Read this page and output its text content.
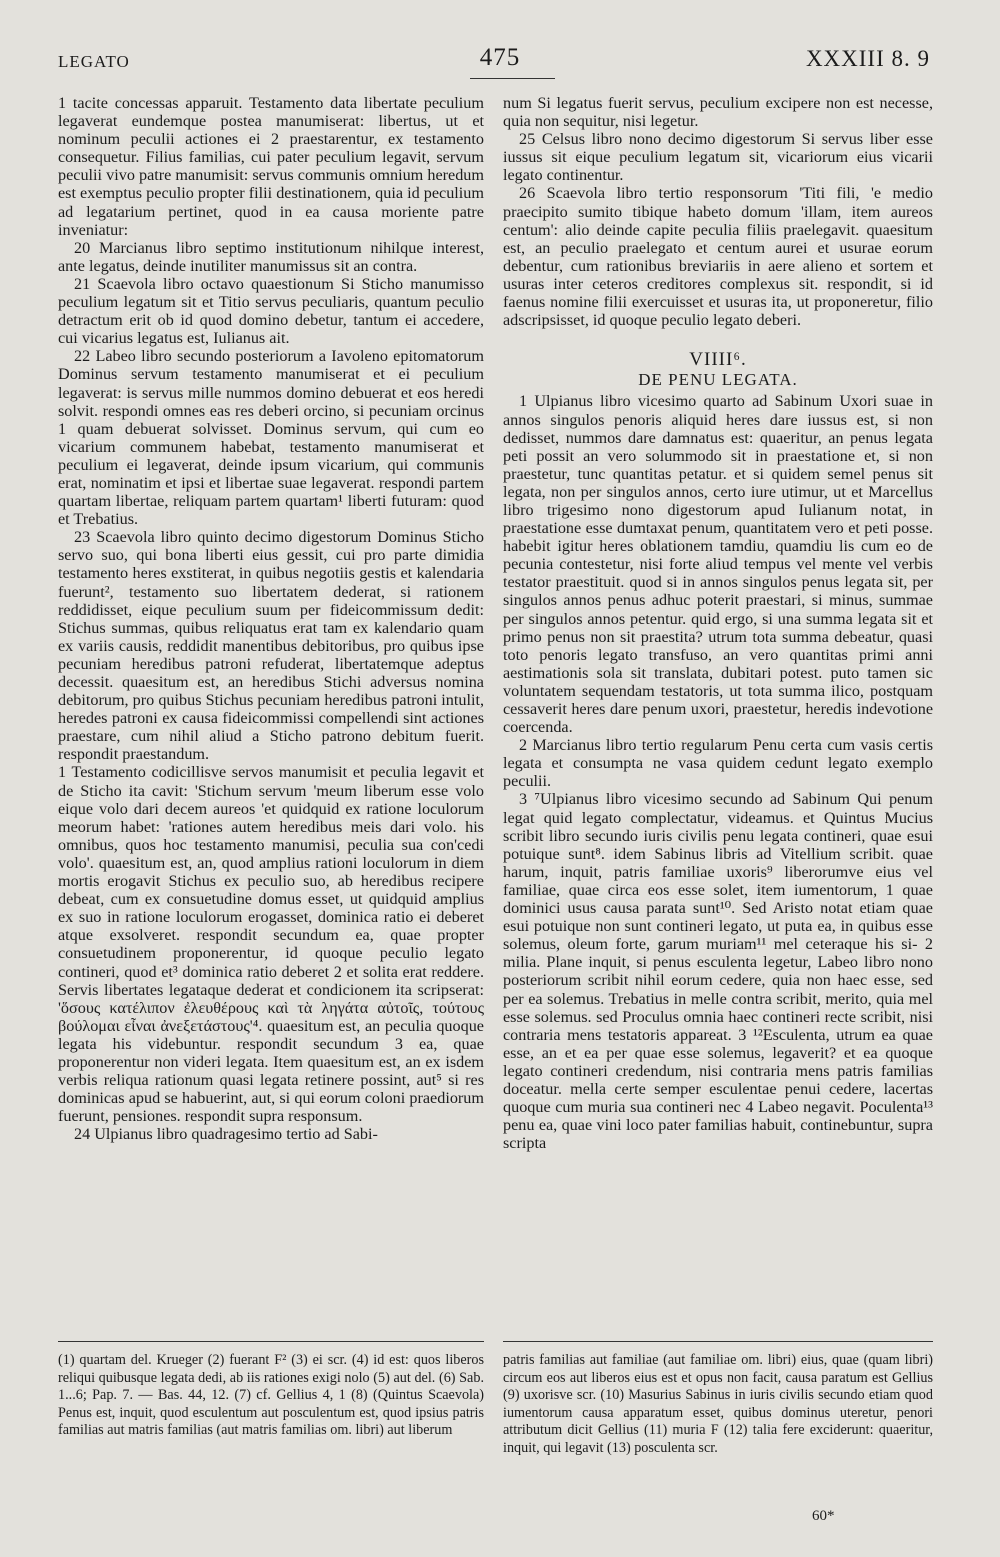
LEGATO	475	XXXIII 8. 9

1 tacite concessas apparuit. Testamento data libertate peculium legaverat eundemque postea manumiserat: libertus, ut et nominum peculii actiones ei 2 praestarentur, ex testamento consequetur. Filius familias, cui pater peculium legavit, servum peculii vivo patre manumisit: servus communis omnium heredum est exemptus peculio propter filii destinationem, quia id peculium ad legatarium pertinet, quod in ea causa moriente patre inveniatur:

20 Marcianus libro septimo institutionum nihilque interest, ante legatus, deinde inutiliter manumissus sit an contra.

21 Scaevola libro octavo quaestionum Si Sticho manumisso peculium legatum sit et Titio servus peculiaris, quantum peculio detractum erit ob id quod domino debetur, tantum ei accedere, cui vicarius legatus est, Iulianus ait.

22 Labeo libro secundo posteriorum a Iavoleno epitomatorum Dominus servum testamento manumiserat et ei peculium legaverat: is servus mille nummos domino debuerat et eos heredi solvit. respondi omnes eas res deberi orcino, si pecuniam orcinus 1 quam debuerat solvisset. Dominus servum, qui cum eo vicarium communem habebat, testamento manumiserat et peculium ei legaverat, deinde ipsum vicarium, qui communis erat, nominatim et ipsi et libertae suae legaverat. respondi partem quartam libertae, reliquam partem quartam¹ liberti futuram: quod et Trebatius.

23 Scaevola libro quinto decimo digestorum Dominus Sticho servo suo, qui bona liberti eius gessit, cui pro parte dimidia testamento heres exstiterat, in quibus negotiis gestis et kalendaria fuerunt², testamento suo libertatem dederat, si rationem reddidisset, eique peculium suum per fideicommissum dedit: Stichus summas, quibus reliquatus erat tam ex kalendario quam ex variis causis, reddidit manentibus debitoribus, pro quibus ipse pecuniam heredibus patroni refuderat, libertatemque adeptus decessit. quaesitum est, an heredibus Stichi adversus nomina debitorum, pro quibus Stichus pecuniam heredibus patroni intulit, heredes patroni ex causa fideicommissi compellendi sint actiones praestare, cum nihil aliud a Sticho patrono debitum fuerit. respondit praestandum.

1 Testamento codicillisve servos manumisit et peculia legavit et de Sticho ita cavit: 'Stichum servum 'meum liberum esse volo eique volo dari decem aureos 'et quidquid ex ratione loculorum meorum habet: 'rationes autem heredibus meis dari volo. his omnibus, quos hoc testamento manumisi, peculia sua con'cedi volo'. quaesitum est, an, quod amplius rationi loculorum in diem mortis erogavit Stichus ex peculio suo, ab heredibus recipere debeat, cum ex consuetudine domus esset, ut quidquid amplius ex suo in ratione loculorum erogasset, dominica ratio ei deberet atque exsolveret. respondit secundum ea, quae propter consuetudinem proponerentur, id quoque peculio legato contineri, quod et³ dominica ratio deberet 2 et solita erat reddere. Servis libertates legataque dederat et condicionem ita scripserat: 'ὅσους κατέλιπον ἐλευθέρους καὶ τὰ ληγάτα αὐτοῖς, τούτους βούλομαι εἶναι ἀνεξετάστους'⁴. quaesitum est, an peculia quoque legata his videbuntur. respondit secundum 3 ea, quae proponerentur non videri legata. Item quaesitum est, an ex isdem verbis reliqua rationum quasi legata retinere possint, aut⁵ si res dominicas apud se habuerint, aut, si qui eorum coloni praediorum fuerunt, pensiones. respondit supra responsum.

24 Ulpianus libro quadragesimo tertio ad Sabi-

num Si legatus fuerit servus, peculium excipere non est necesse, quia non sequitur, nisi legetur.

25 Celsus libro nono decimo digestorum Si servus liber esse iussus sit eique peculium legatum sit, vicariorum eius vicarii legato continentur.

26 Scaevola libro tertio responsorum 'Titi fili, 'e medio praecipito sumito tibique habeto domum 'illam, item aureos centum': alio deinde capite peculia filiis praelegavit. quaesitum est, an peculio praelegato et centum aurei et usurae eorum debentur, cum rationibus breviariis in aere alieno et sortem et usuras inter ceteros creditores complexus sit. respondit, si id faenus nomine filii exercuisset et usuras ita, ut proponeretur, filio adscripsisset, id quoque peculio legato deberi.

VIIII⁶.
DE PENU LEGATA.

1 Ulpianus libro vicesimo quarto ad Sabinum Uxori suae in annos singulos penoris aliquid heres dare iussus est, si non dedisset, nummos dare damnatus est: quaeritur, an penus legata peti possit an vero solummodo sit in praestatione et, si non praestetur, tunc quantitas petatur. et si quidem semel penus sit legata, non per singulos annos, certo iure utimur, ut et Marcellus libro trigesimo nono digestorum apud Iulianum notat, in praestatione esse dumtaxat penum, quantitatem vero et peti posse. habebit igitur heres oblationem tamdiu, quamdiu lis cum eo de pecunia contestetur, nisi forte aliud tempus vel mente vel verbis testator praestituit. quod si in annos singulos penus legata sit, per singulos annos penus adhuc poterit praestari, si minus, summae per singulos annos petentur. quid ergo, si una summa legata sit et primo penus non sit praestita? utrum tota summa debeatur, quasi toto penoris legato transfuso, an vero quantitas primi anni aestimationis sola sit translata, dubitari potest. puto tamen sic voluntatem sequendam testatoris, ut tota summa ilico, postquam cessaverit heres dare penum uxori, praestetur, heredis indevotione coercenda.

2 Marcianus libro tertio regularum Penu certa cum vasis certis legata et consumpta ne vasa quidem cedunt legato exemplo peculii.

3 ⁷Ulpianus libro vicesimo secundo ad Sabinum Qui penum legat quid legato complectatur, videamus. et Quintus Mucius scribit libro secundo iuris civilis penu legata contineri, quae esui potuique sunt⁸. idem Sabinus libris ad Vitellium scribit. quae harum, inquit, patris familiae uxoris⁹ liberorumve eius vel familiae, quae circa eos esse solet, item iumentorum, 1 quae dominici usus causa parata sunt¹⁰. Sed Aristo notat etiam quae esui potuique non sunt contineri legato, ut puta ea, in quibus esse solemus, oleum forte, garum muriam¹¹ mel ceteraque his si- 2 milia. Plane inquit, si penus esculenta legetur, Labeo libro nono posteriorum scribit nihil eorum cedere, quia non haec esse, sed per ea solemus. Trebatius in melle contra scribit, merito, quia mel esse solemus. sed Proculus omnia haec contineri recte scribit, nisi contraria mens testatoris appareat. 3 ¹²Esculenta, utrum ea quae esse, an et ea per quae esse solemus, legaverit? et ea quoque legato contineri credendum, nisi contraria mens patris familias doceatur. mella certe semper esculentae penui cedere, lacertas quoque cum muria sua contineri nec 4 Labeo negavit. Poculenta¹³ penu ea, quae vini loco pater familias habuit, continebuntur, supra scripta

(1) quartam del. Krueger (2) fuerant F² (3) ei scr. (4) id est: quos liberos reliqui quibusque legata dedi, ab iis rationes exigi nolo (5) aut del. (6) Sab. 1...6; Pap. 7. — Bas. 44, 12. (7) cf. Gellius 4, 1 (8) (Quintus Scaevola) Penus est, inquit, quod esculentum aut posculentum est, quod ipsius patris familias aut matris familias (aut matris familias om. libri) aut liberum

patris familias aut familiae (aut familiae om. libri) eius, quae (quam libri) circum eos aut liberos eius est et opus non facit, causa paratum est Gellius (9) uxorisve scr. (10) Masurius Sabinus in iuris civilis secundo etiam quod iumentorum causa apparatum esset, quibus dominus uteretur, penori attributum dicit Gellius (11) muria F (12) talia fere exciderunt: quaeritur, inquit, qui legavit (13) posculenta scr.

60*
